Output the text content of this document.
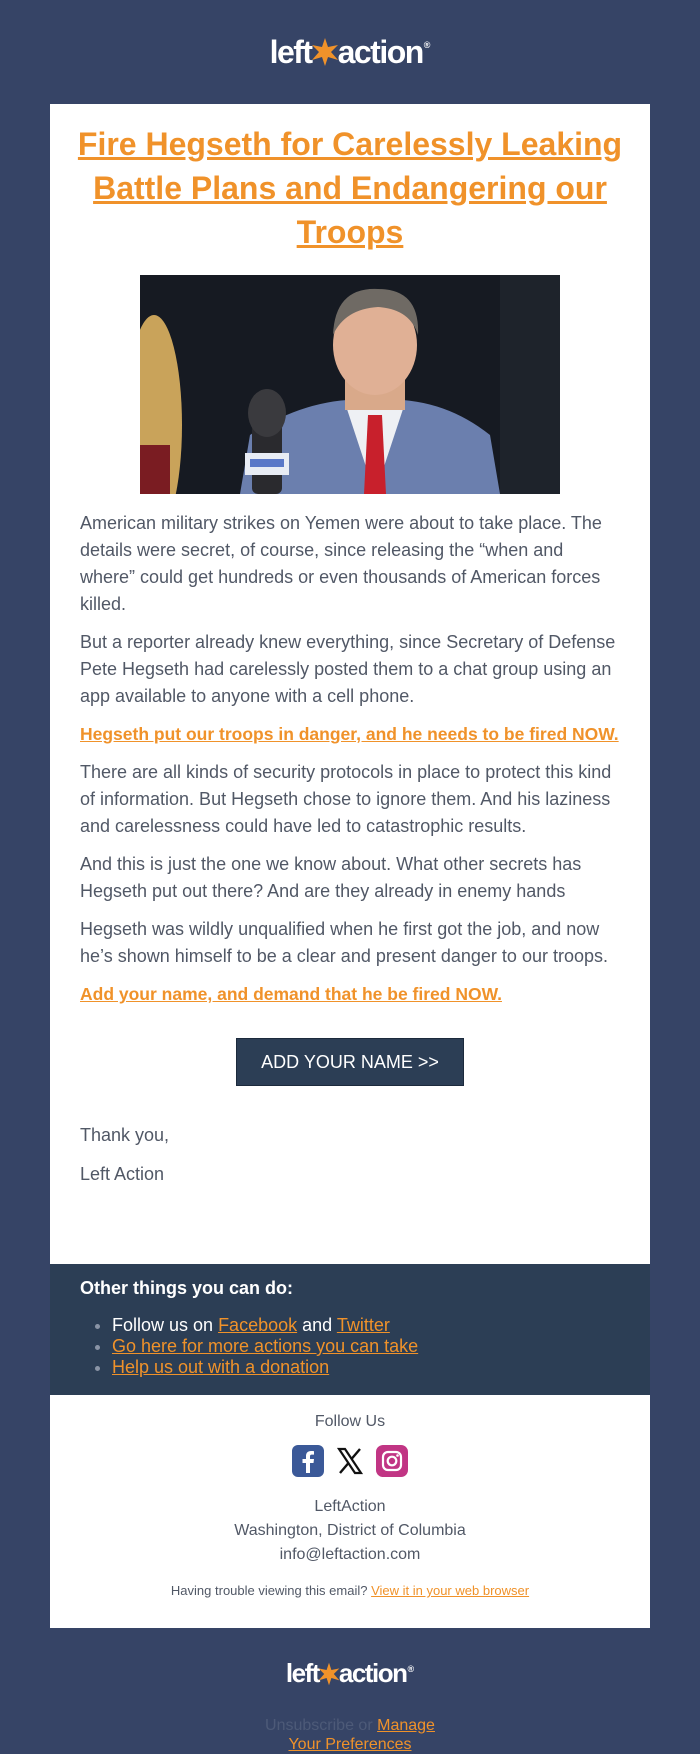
left action ®
Fire Hegseth for Carelessly Leaking Battle Plans and Endangering our Troops

American military strikes on Yemen were about to take place. The details were secret, of course, since releasing the “when and where” could get hundreds or even thousands of American forces killed.

But a reporter already knew everything, since Secretary of Defense Pete Hegseth had carelessly posted them to a chat group using an app available to anyone with a cell phone.

Hegseth put our troops in danger, and he needs to be fired NOW.

There are all kinds of security protocols in place to protect this kind of information. But Hegseth chose to ignore them. And his laziness and carelessness could have led to catastrophic results.

And this is just the one we know about. What other secrets has Hegseth put out there? And are they already in enemy hands

Hegseth was wildly unqualified when he first got the job, and now he’s shown himself to be a clear and present danger to our troops.

Add your name, and demand that he be fired NOW.

ADD YOUR NAME >>

Thank you,

Left Action

Other things you can do:
• Follow us on Facebook and Twitter
• Go here for more actions you can take
• Help us out with a donation
Follow Us
LeftAction
Washington, District of Columbia
info@leftaction.com
Having trouble viewing this email? View it in your web browser
left action ®
Unsubscribe or Manage
Your Preferences
